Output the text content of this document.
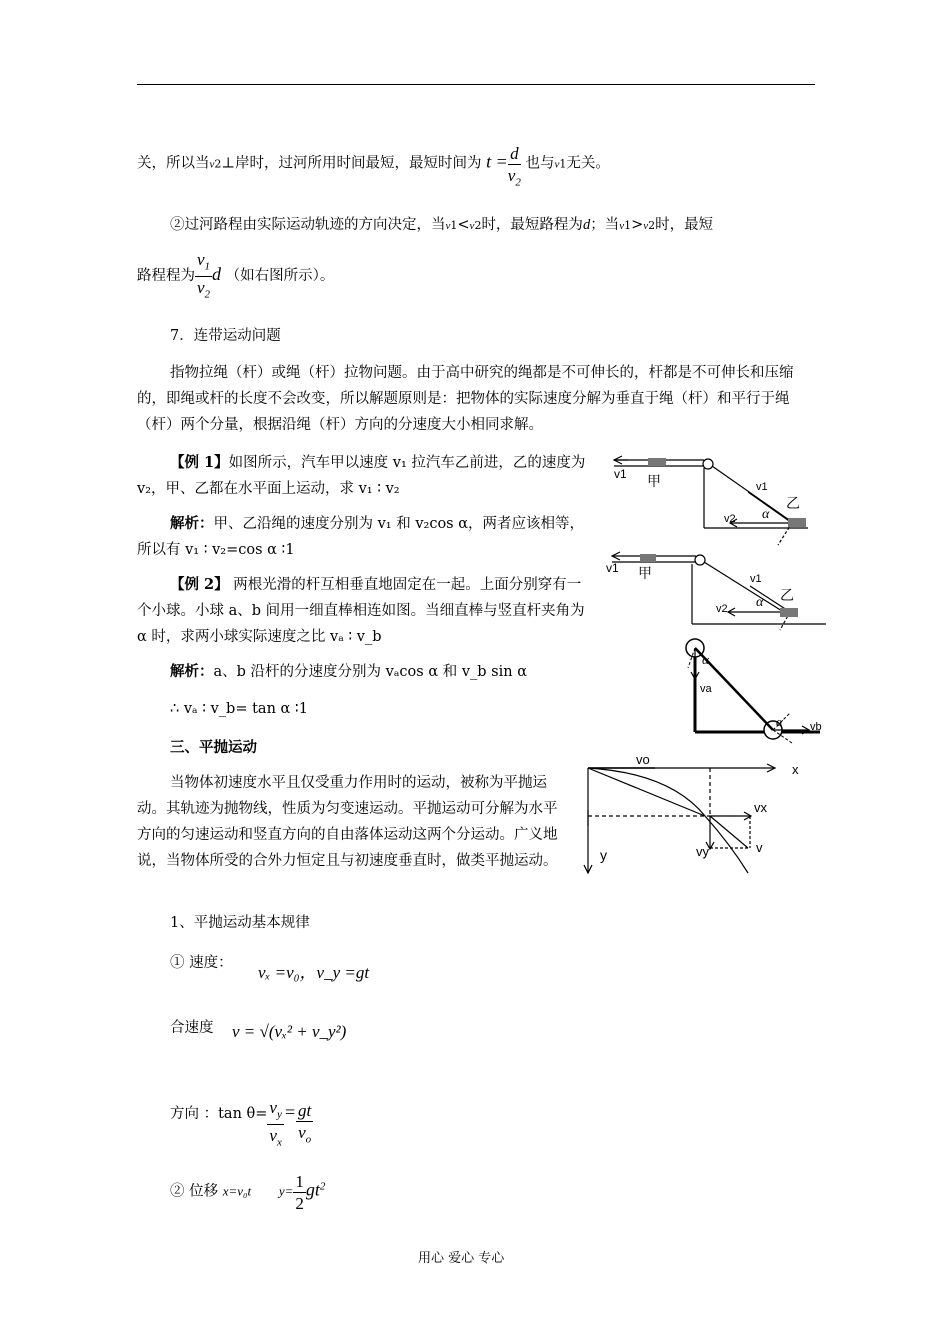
关，所以当v2⊥岸时，过河所用时间最短，最短时间为 $t = \frac{d}{v_2}$ 也与v1无关。
②过河路程由实际运动轨迹的方向决定，当v1<v2时，最短路程为d；当v1>v2时，最短
路程程为 $\frac{v_1}{v_2}$ d （如右图所示）。
7．连带运动问题
指物拉绳（杆）或绳（杆）拉物问题。由于高中研究的绳都是不可伸长的，杆都是不可伸长和压缩的，即绳或杆的长度不会改变，所以解题原则是：把物体的实际速度分解为垂直于绳（杆）和平行于绳（杆）两个分量，根据沿绳（杆）方向的分速度大小相同求解。
【例 1】如图所示，汽车甲以速度 v₁ 拉汽车乙前进，乙的速度为 v₂，甲、乙都在水平面上运动，求 v₁ ∶ v₂
解析：甲、乙沿绳的速度分别为 v₁ 和 v₂cos α，两者应该相等，所以有 v₁ ∶ v₂=cos α ∶1
【例 2】 两根光滑的杆互相垂直地固定在一起。上面分别穿有一个小球。小球 a、b 间用一细直棒相连如图。当细直棒与竖直杆夹角为 α 时，求两小球实际速度之比 vₐ ∶ v_b
解析：a、b 沿杆的分速度分别为 vₐcos α 和 v_b sin α
∴ vₐ ∶ v_b= tan α ∶1
三、平抛运动
当物体初速度水平且仅受重力作用时的运动，被称为平抛运动。其轨迹为抛物线，性质为匀变速运动。平抛运动可分解为水平方向的匀速运动和竖直方向的自由落体运动这两个分运动。广义地说，当物体所受的合外力恒定且与初速度垂直时，做类平抛运动。
1、平抛运动基本规律
① 速度： vₓ =v₀，v_y =gt
合速度 v = √(vₓ² + v_y²)
方向 ：$\tan \theta= \frac{v_y}{v_x} = \frac{gt}{v_o}$
② 位移 x=v₀t $y= \frac{1}{2} gt^2$
用心 爱心 专心
v1 甲
乙
v1
v2 α
v1 甲
乙
v1
v2 α
α
va
vb
α
vo
x
vx
y	vy	v
